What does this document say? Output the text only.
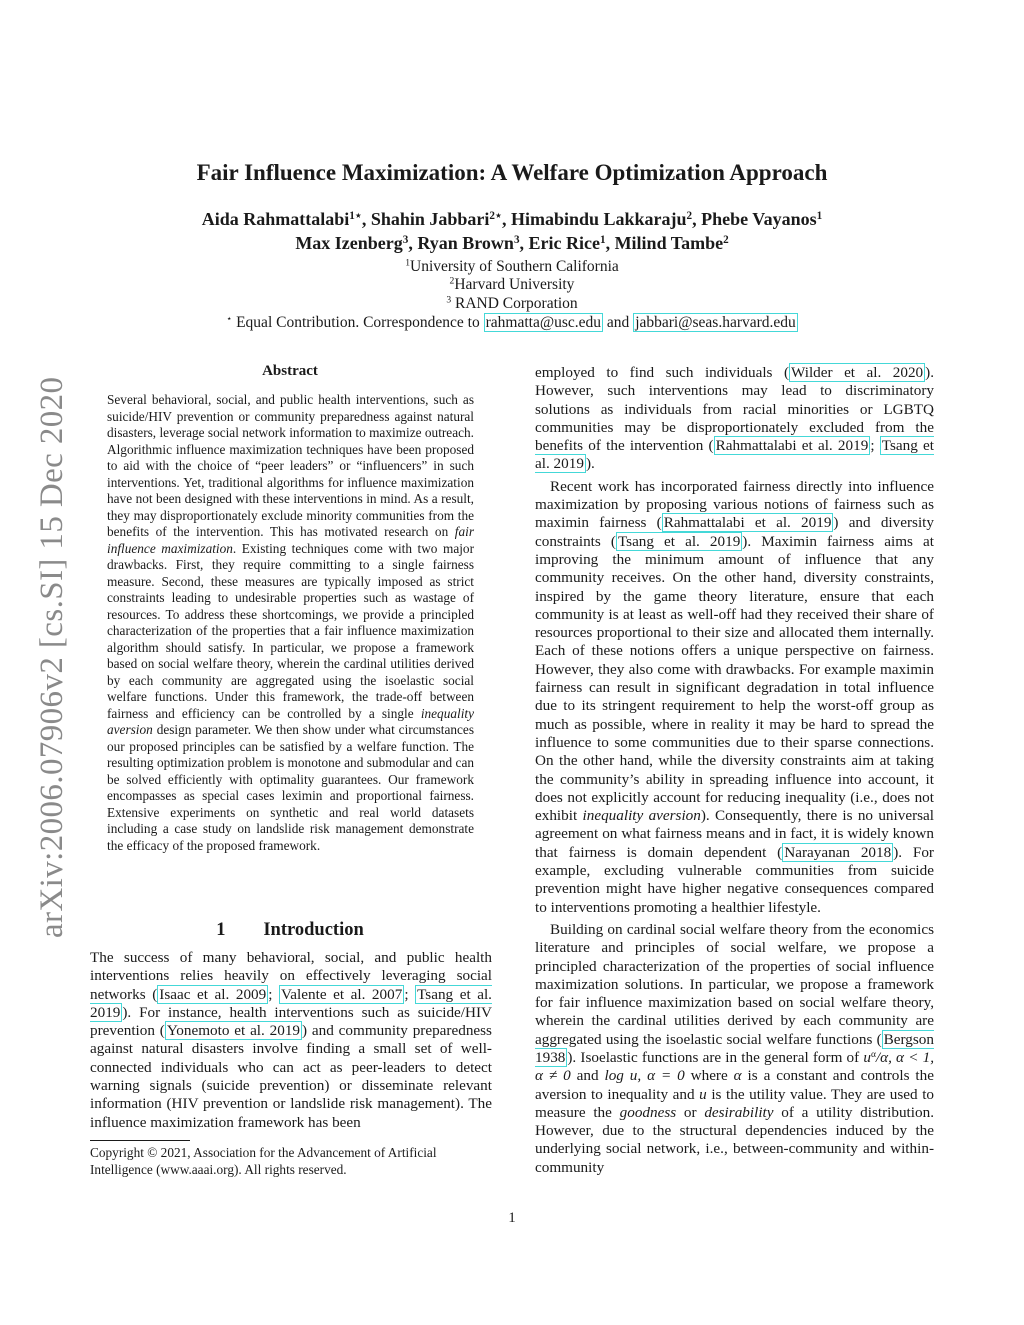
arXiv:2006.07906v2 [cs.SI] 15 Dec 2020
Fair Influence Maximization: A Welfare Optimization Approach
Aida Rahmattalabi$^{1⋆}$, Shahin Jabbari$^{2⋆}$, Himabindu Lakkaraju$^2$, Phebe Vayanos$^1$
Max Izenberg$^3$, Ryan Brown$^3$, Eric Rice$^1$, Milind Tambe$^2$
$^1$University of Southern California
$^2$Harvard University
$^3$ RAND Corporation
⋆ Equal Contribution. Correspondence to rahmatta@usc.edu and jabbari@seas.harvard.edu
Abstract
Several behavioral, social, and public health interventions, such as suicide/HIV prevention or community preparedness against natural disasters, leverage social network information to maximize outreach. Algorithmic influence maximization techniques have been proposed to aid with the choice of “peer leaders” or “influencers” in such interventions. Yet, traditional algorithms for influence maximization have not been designed with these interventions in mind. As a result, they may disproportionately exclude minority communities from the benefits of the intervention. This has motivated research on fair influence maximization. Existing techniques come with two major drawbacks. First, they require committing to a single fairness measure. Second, these measures are typically imposed as strict constraints leading to undesirable properties such as wastage of resources. To address these shortcomings, we provide a principled characterization of the properties that a fair influence maximization algorithm should satisfy. In particular, we propose a framework based on social welfare theory, wherein the cardinal utilities derived by each community are aggregated using the isoelastic social welfare functions. Under this framework, the trade-off between fairness and efficiency can be controlled by a single inequality aversion design parameter. We then show under what circumstances our proposed principles can be satisfied by a welfare function. The resulting optimization problem is monotone and submodular and can be solved efficiently with optimality guarantees. Our framework encompasses as special cases leximin and proportional fairness. Extensive experiments on synthetic and real world datasets including a case study on landslide risk management demonstrate the efficacy of the proposed framework.
1 Introduction
The success of many behavioral, social, and public health interventions relies heavily on effectively leveraging social networks ( Isaac et al. 2009 ; Valente et al. 2007 ; Tsang et al. 2019 ). For instance, health interventions such as suicide/HIV prevention ( Yonemoto et al. 2019 ) and community preparedness against natural disasters involve finding a small set of well-connected individuals who can act as peer-leaders to detect warning signals (suicide prevention) or disseminate relevant information (HIV prevention or landslide risk management). The influence maximization framework has been
Copyright © 2021, Association for the Advancement of Artificial Intelligence (www.aaai.org). All rights reserved.

employed to find such individuals ( Wilder et al. 2020 ). However, such interventions may lead to discriminatory solutions as individuals from racial minorities or LGBTQ communities may be disproportionately excluded from the benefits of the intervention ( Rahmattalabi et al. 2019 ; Tsang et al. 2019 ).

Recent work has incorporated fairness directly into influence maximization by proposing various notions of fairness such as maximin fairness ( Rahmattalabi et al. 2019 ) and diversity constraints ( Tsang et al. 2019 ). Maximin fairness aims at improving the minimum amount of influence that any community receives. On the other hand, diversity constraints, inspired by the game theory literature, ensure that each community is at least as well-off had they received their share of resources proportional to their size and allocated them internally. Each of these notions offers a unique perspective on fairness. However, they also come with drawbacks. For example maximin fairness can result in significant degradation in total influence due to its stringent requirement to help the worst-off group as much as possible, where in reality it may be hard to spread the influence to some communities due to their sparse connections. On the other hand, while the diversity constraints aim at taking the community’s ability in spreading influence into account, it does not explicitly account for reducing inequality (i.e., does not exhibit inequality aversion). Consequently, there is no universal agreement on what fairness means and in fact, it is widely known that fairness is domain dependent ( Narayanan 2018 ). For example, excluding vulnerable communities from suicide prevention might have higher negative consequences compared to interventions promoting a healthier lifestyle.

Building on cardinal social welfare theory from the economics literature and principles of social welfare, we propose a principled characterization of the properties of social influence maximization solutions. In particular, we propose a framework for fair influence maximization based on social welfare theory, wherein the cardinal utilities derived by each community are aggregated using the isoelastic social welfare functions ( Bergson 1938 ). Isoelastic functions are in the general form of $u^\alpha/\alpha$, α < 1, α ≠ 0 and log u, α = 0 where α is a constant and controls the aversion to inequality and u is the utility value. They are used to measure the goodness or desirability of a utility distribution. However, due to the structural dependencies induced by the underlying social network, i.e., between-community and within-community

1
